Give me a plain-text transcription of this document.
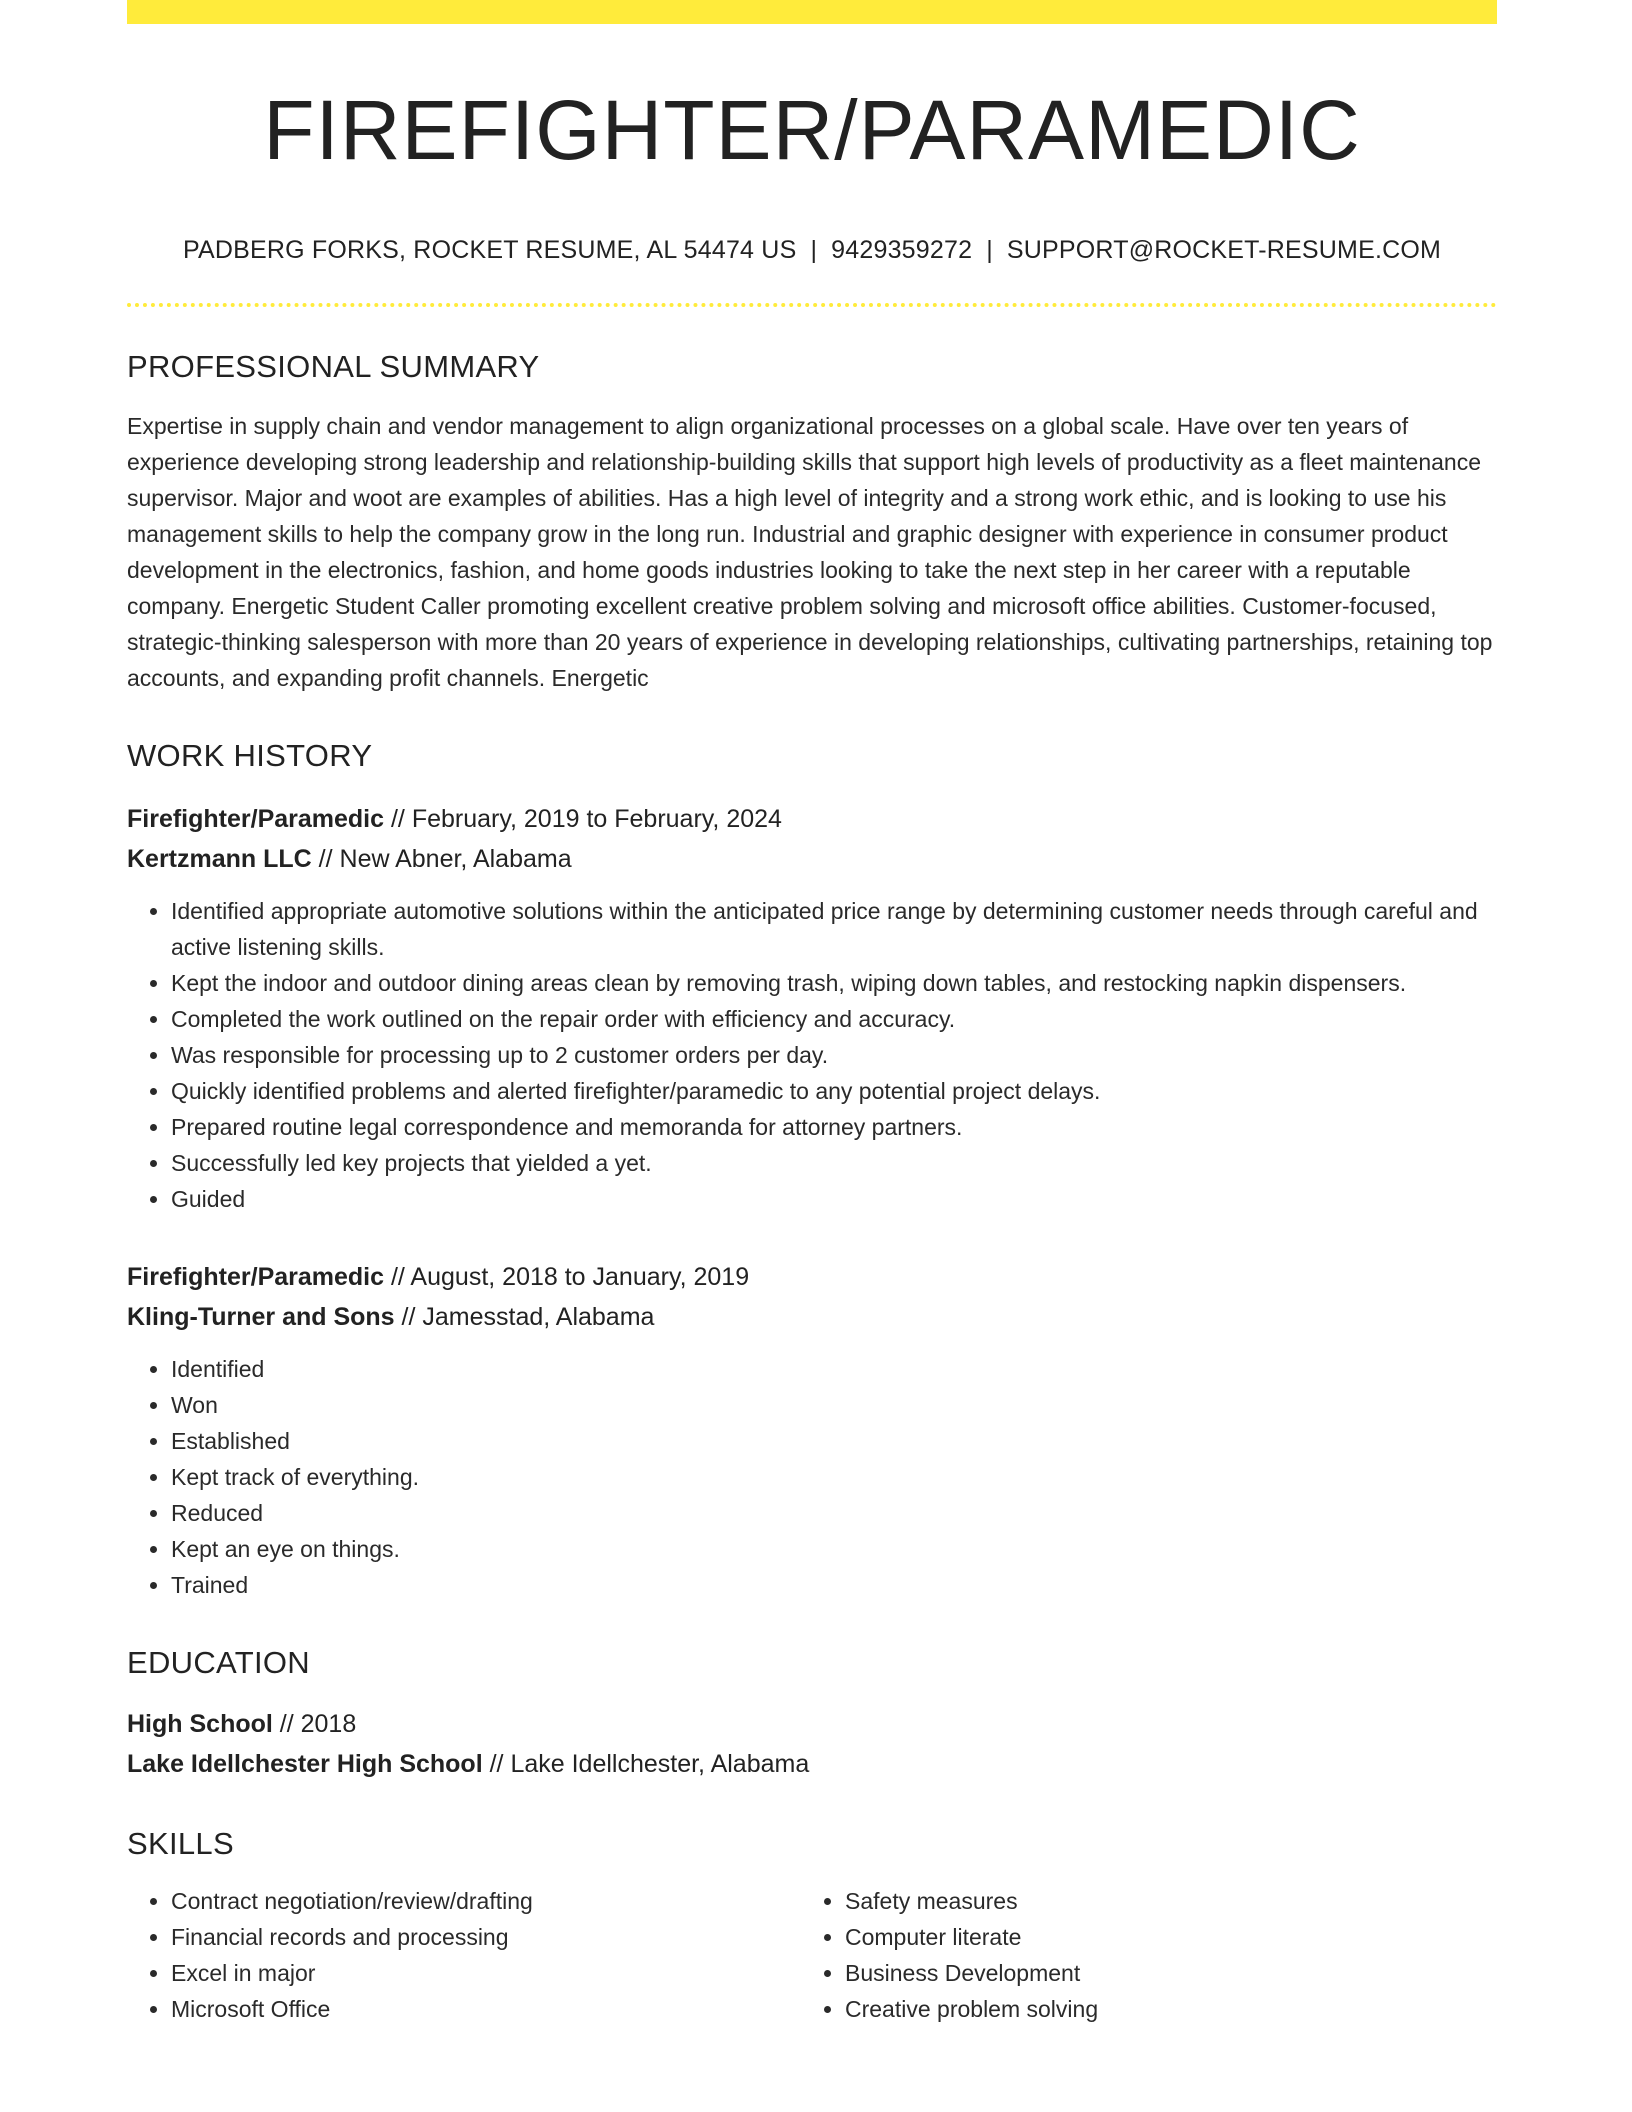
FIREFIGHTER/PARAMEDIC
PADBERG FORKS, ROCKET RESUME, AL 54474 US | 9429359272 | SUPPORT@ROCKET-RESUME.COM
PROFESSIONAL SUMMARY
Expertise in supply chain and vendor management to align organizational processes on a global scale. Have over ten years of experience developing strong leadership and relationship-building skills that support high levels of productivity as a fleet maintenance supervisor. Major and woot are examples of abilities. Has a high level of integrity and a strong work ethic, and is looking to use his management skills to help the company grow in the long run. Industrial and graphic designer with experience in consumer product development in the electronics, fashion, and home goods industries looking to take the next step in her career with a reputable company. Energetic Student Caller promoting excellent creative problem solving and microsoft office abilities. Customer-focused, strategic-thinking salesperson with more than 20 years of experience in developing relationships, cultivating partnerships, retaining top accounts, and expanding profit channels. Energetic
WORK HISTORY
Firefighter/Paramedic // February, 2019 to February, 2024
Kertzmann LLC // New Abner, Alabama
• Identified appropriate automotive solutions within the anticipated price range by determining customer needs through careful and active listening skills.
• Kept the indoor and outdoor dining areas clean by removing trash, wiping down tables, and restocking napkin dispensers.
• Completed the work outlined on the repair order with efficiency and accuracy.
• Was responsible for processing up to 2 customer orders per day.
• Quickly identified problems and alerted firefighter/paramedic to any potential project delays.
• Prepared routine legal correspondence and memoranda for attorney partners.
• Successfully led key projects that yielded a yet.
• Guided
Firefighter/Paramedic // August, 2018 to January, 2019
Kling-Turner and Sons // Jamesstad, Alabama
• Identified
• Won
• Established
• Kept track of everything.
• Reduced
• Kept an eye on things.
• Trained
EDUCATION
High School // 2018
Lake Idellchester High School // Lake Idellchester, Alabama
SKILLS
• Contract negotiation/review/drafting
• Financial records and processing
• Excel in major
• Microsoft Office
• Safety measures
• Computer literate
• Business Development
• Creative problem solving
